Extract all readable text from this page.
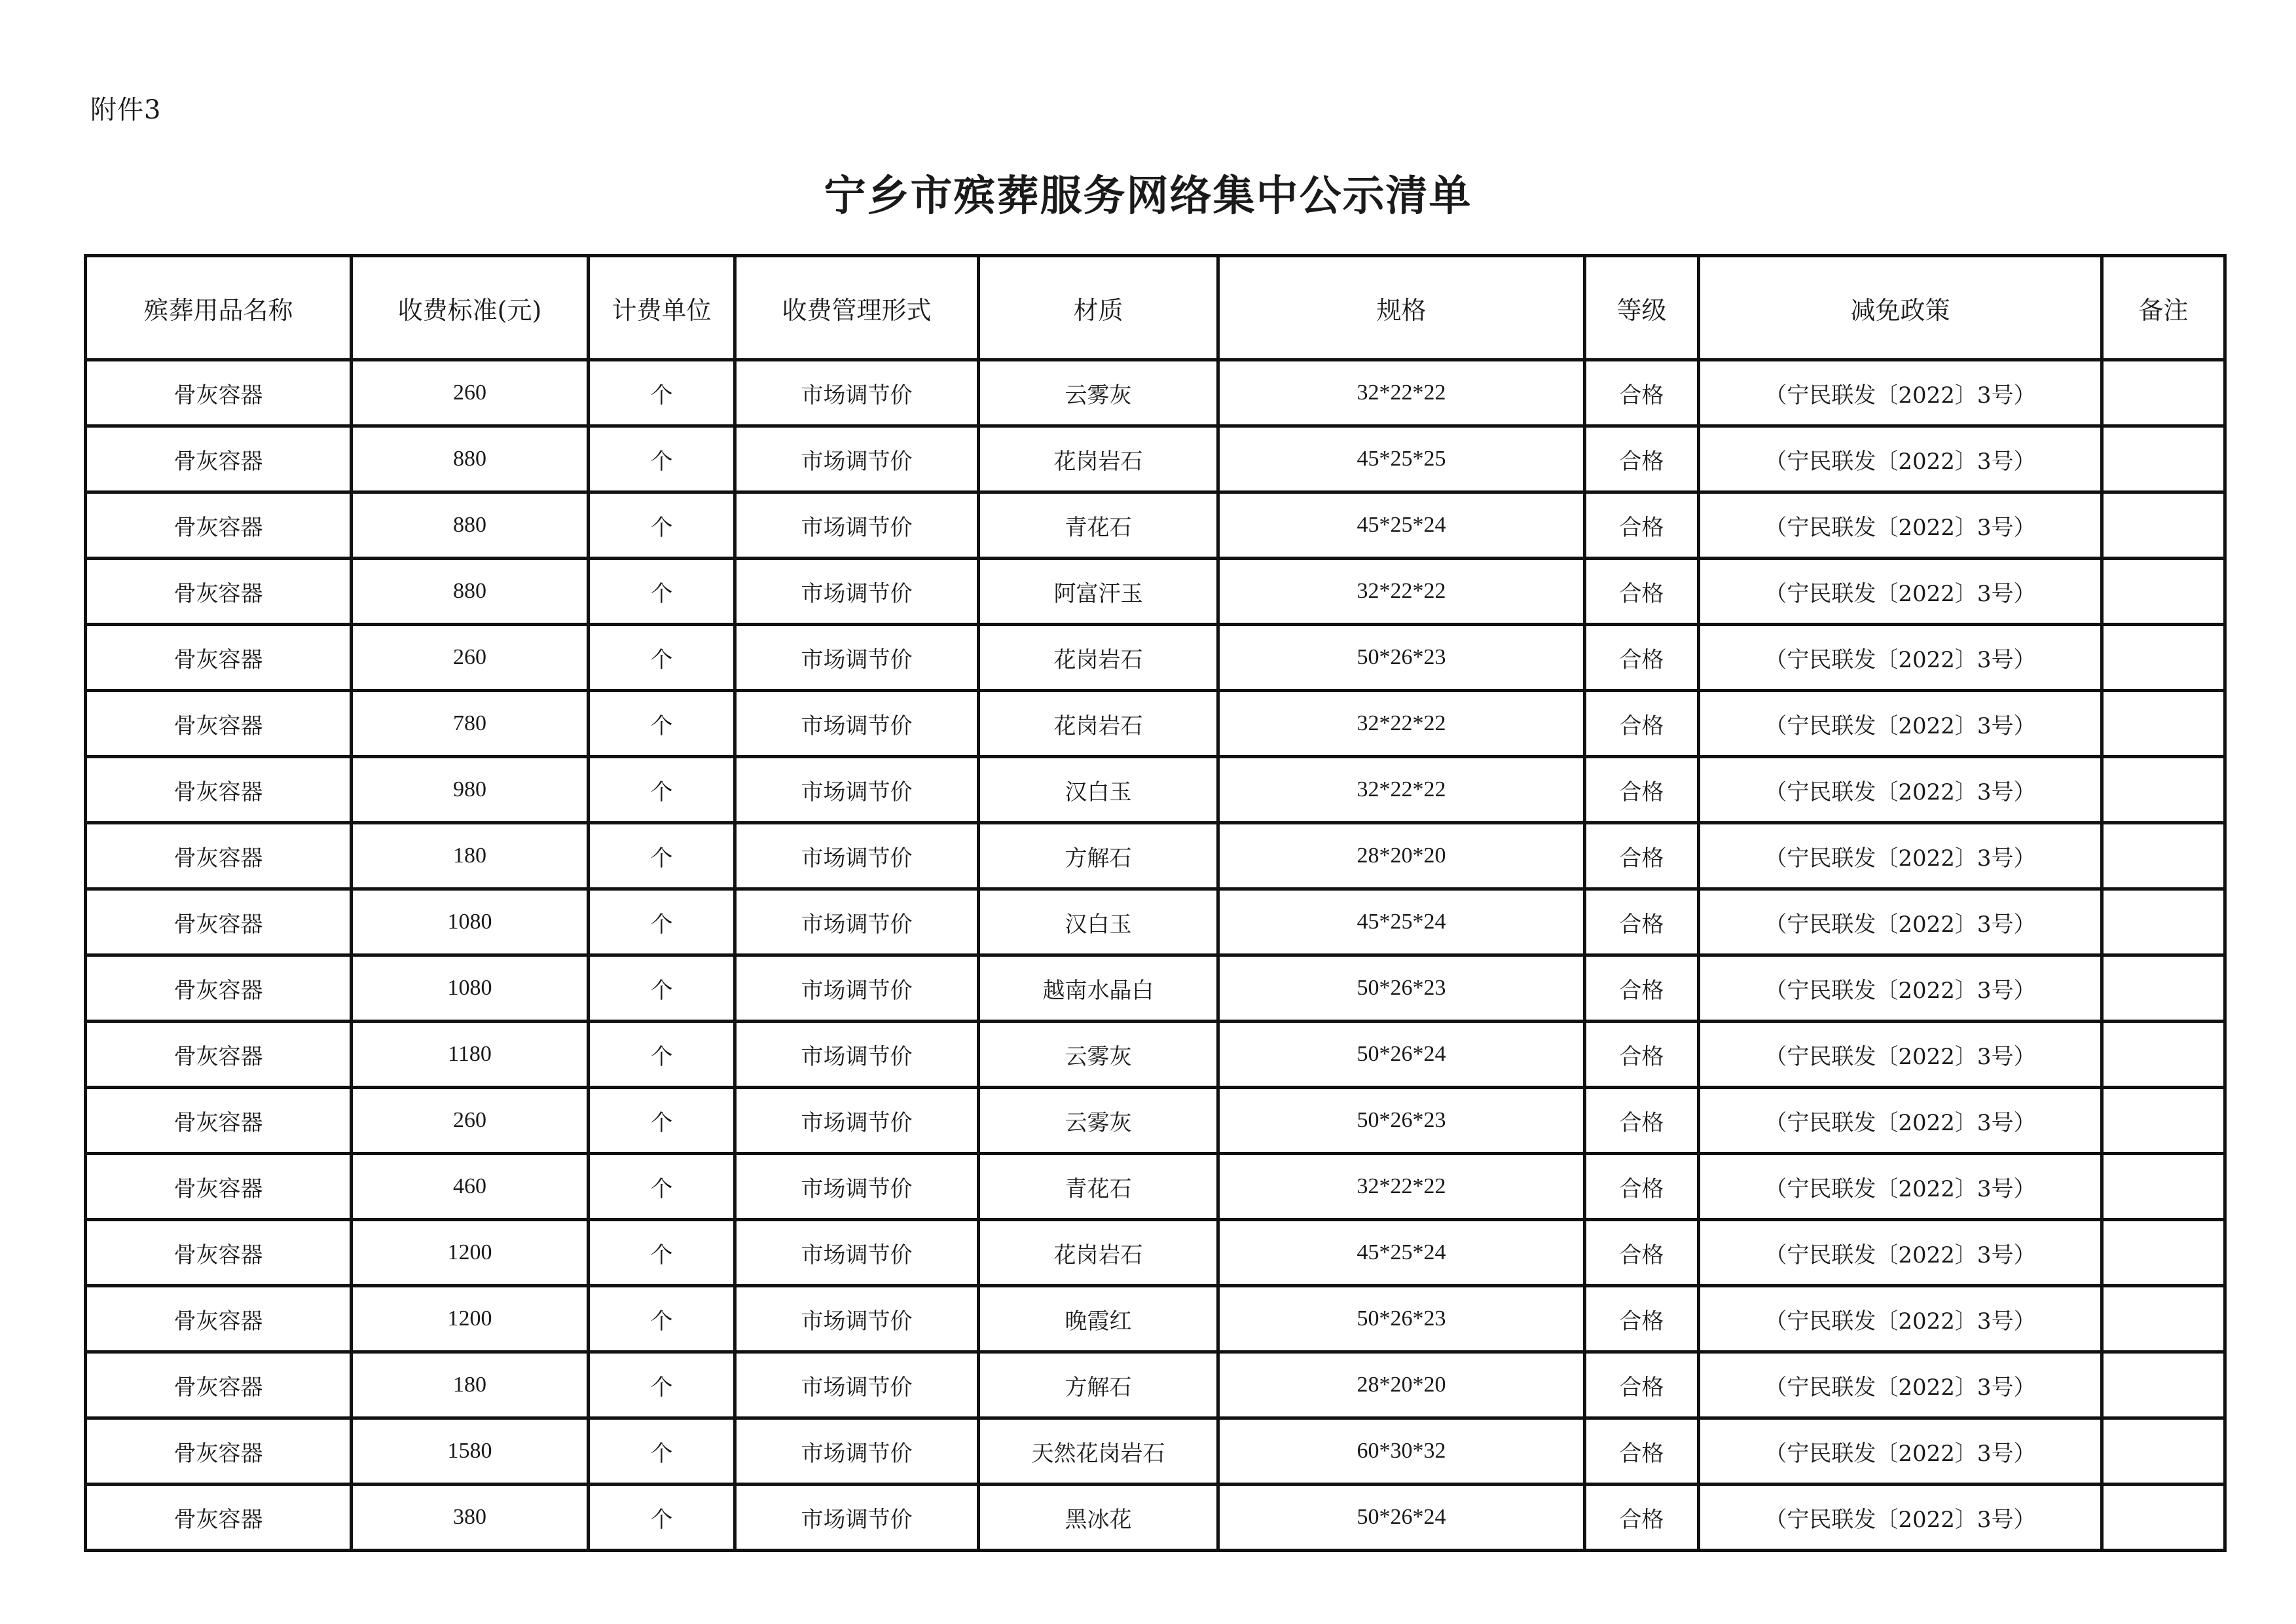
附件3
宁乡市殡葬服务网络集中公示清单
殡葬用品名称	收费标准(元)	计费单位	收费管理形式	材质	规格	等级	减免政策	备注
骨灰容器	260	个	市场调节价	云雾灰	32*22*22	合格	（宁民联发〔2022〕3号）	
骨灰容器	880	个	市场调节价	花岗岩石	45*25*25	合格	（宁民联发〔2022〕3号）	
骨灰容器	880	个	市场调节价	青花石	45*25*24	合格	（宁民联发〔2022〕3号）	
骨灰容器	880	个	市场调节价	阿富汗玉	32*22*22	合格	（宁民联发〔2022〕3号）	
骨灰容器	260	个	市场调节价	花岗岩石	50*26*23	合格	（宁民联发〔2022〕3号）	
骨灰容器	780	个	市场调节价	花岗岩石	32*22*22	合格	（宁民联发〔2022〕3号）	
骨灰容器	980	个	市场调节价	汉白玉	32*22*22	合格	（宁民联发〔2022〕3号）	
骨灰容器	180	个	市场调节价	方解石	28*20*20	合格	（宁民联发〔2022〕3号）	
骨灰容器	1080	个	市场调节价	汉白玉	45*25*24	合格	（宁民联发〔2022〕3号）	
骨灰容器	1080	个	市场调节价	越南水晶白	50*26*23	合格	（宁民联发〔2022〕3号）	
骨灰容器	1180	个	市场调节价	云雾灰	50*26*24	合格	（宁民联发〔2022〕3号）	
骨灰容器	260	个	市场调节价	云雾灰	50*26*23	合格	（宁民联发〔2022〕3号）	
骨灰容器	460	个	市场调节价	青花石	32*22*22	合格	（宁民联发〔2022〕3号）	
骨灰容器	1200	个	市场调节价	花岗岩石	45*25*24	合格	（宁民联发〔2022〕3号）	
骨灰容器	1200	个	市场调节价	晚霞红	50*26*23	合格	（宁民联发〔2022〕3号）	
骨灰容器	180	个	市场调节价	方解石	28*20*20	合格	（宁民联发〔2022〕3号）	
骨灰容器	1580	个	市场调节价	天然花岗岩石	60*30*32	合格	（宁民联发〔2022〕3号）	
骨灰容器	380	个	市场调节价	黑冰花	50*26*24	合格	（宁民联发〔2022〕3号）	
